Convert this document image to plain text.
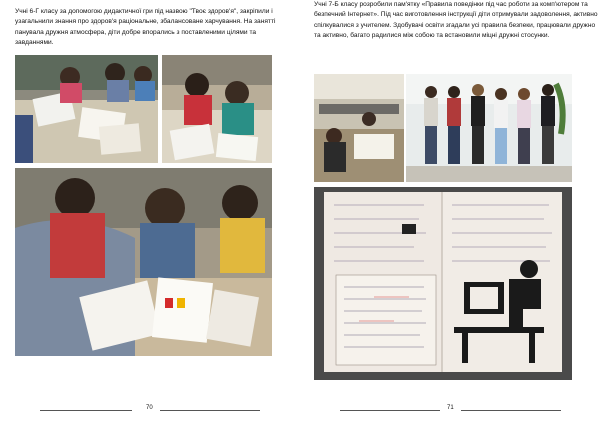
Учні 6-Г класу за допомогою дидактичної гри під назвою "Твоє здоров'я", закріпили і узагальнили знання про здоров'я раціональне, збалансоване харчування. На занятті панувала дружня атмосфера, діти добре впорались з поставленими цілями та завданнями.

70

Учні 7-Б класу розробили пам'ятку «Правила поведінки під час роботи за комп'ютером та безпечний Інтернет». Під час виготовлення інструкції діти отримували задоволення, активно спілкувалися з учителем. Здобувачі освіти згадали усі правила безпеки, працювали дружно та активно, багато радилися між собою та встановили міцні дружні стосунки.

71
